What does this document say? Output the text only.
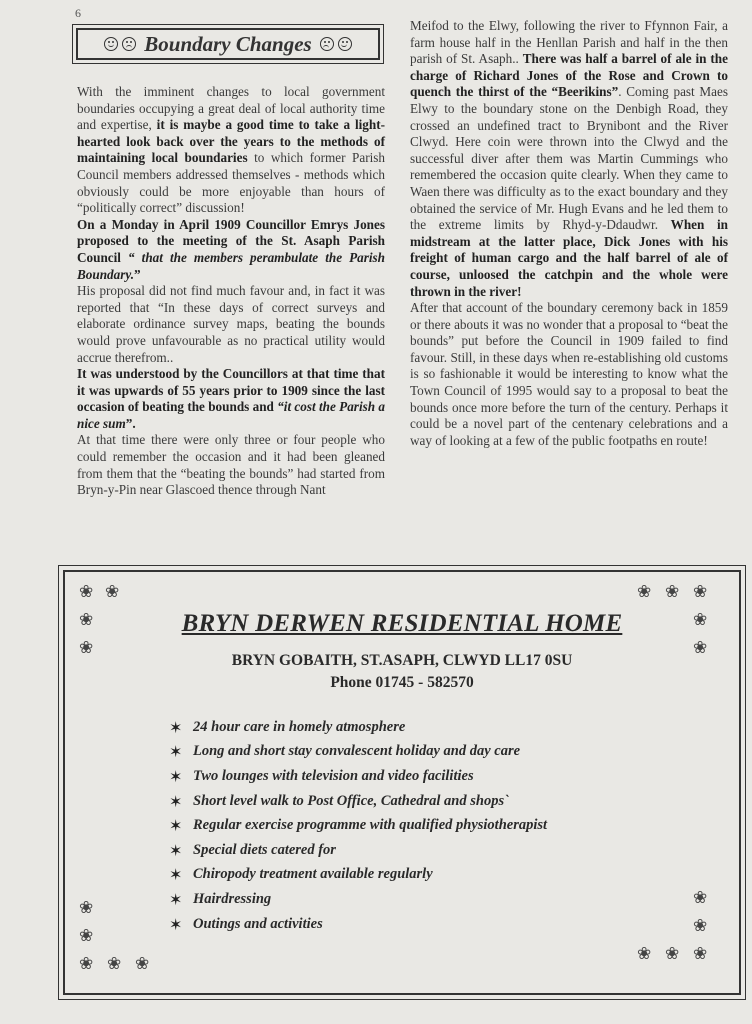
6
Boundary Changes

With the imminent changes to local government boundaries occupying a great deal of local authority time and expertise, it is maybe a good time to take a light-hearted look back over the years to the methods of maintaining local boundaries to which former Parish Council members addressed themselves - methods which obviously could be more enjoyable than hours of “politically correct” discussion!

On a Monday in April 1909 Councillor Emrys Jones proposed to the meeting of the St. Asaph Parish Council “ that the members perambulate the Parish Boundary.”

His proposal did not find much favour and, in fact it was reported that “In these days of correct surveys and elaborate ordinance survey maps, beating the bounds would prove unfavourable as no practical utility would accrue therefrom..

It was understood by the Councillors at that time that it was upwards of 55 years prior to 1909 since the last occasion of beating the bounds and “it cost the Parish a nice sum”.

At that time there were only three or four people who could remember the occasion and it had been gleaned from them that the “beating the bounds” had started from Bryn-y-Pin near Glascoed thence through Nant

Meifod to the Elwy, following the river to Ffynnon Fair, a farm house half in the Henllan Parish and half in the then parish of St. Asaph.. There was half a barrel of ale in the charge of Richard Jones of the Rose and Crown to quench the thirst of the “Beerikins”. Coming past Maes Elwy to the boundary stone on the Denbigh Road, they crossed an undefined tract to Brynibont and the River Clwyd. Here coin were thrown into the Clwyd and the successful diver after them was Martin Cummings who remembered the occasion quite clearly. When they came to Waen there was difficulty as to the exact boundary and they obtained the service of Mr. Hugh Evans and he led them to the extreme limits by Rhyd-y-Ddaudwr. When in midstream at the latter place, Dick Jones with his freight of human cargo and the half barrel of ale of course, unloosed the catchpin and the whole were thrown in the river!

After that account of the boundary ceremony back in 1859 or there abouts it was no wonder that a proposal to “beat the bounds” put before the Council in 1909 failed to find favour. Still, in these days when re-establishing old customs is so fashionable it would be interesting to know what the Town Council of 1995 would say to a proposal to beat the bounds once more before the turn of the century. Perhaps it could be a novel part of the centenary celebrations and a way of looking at a few of the public footpaths en route!

BRYN DERWEN RESIDENTIAL HOME
BRYN GOBAITH, ST.ASAPH, CLWYD LL17 0SU
Phone 01745 - 582570
✶ 24 hour care in homely atmosphere
✶ Long and short stay convalescent holiday and day care
✶ Two lounges with television and video facilities
✶ Short level walk to Post Office, Cathedral and shops`
✶ Regular exercise programme with qualified physiotherapist
✶ Special diets catered for
✶ Chiropody treatment available regularly
✶ Hairdressing
✶ Outings and activities
❀ ❀
❀
❀
❀ ❀ ❀
❀
❀
❀
❀
❀ ❀ ❀
❀
❀
❀
❀
❀
